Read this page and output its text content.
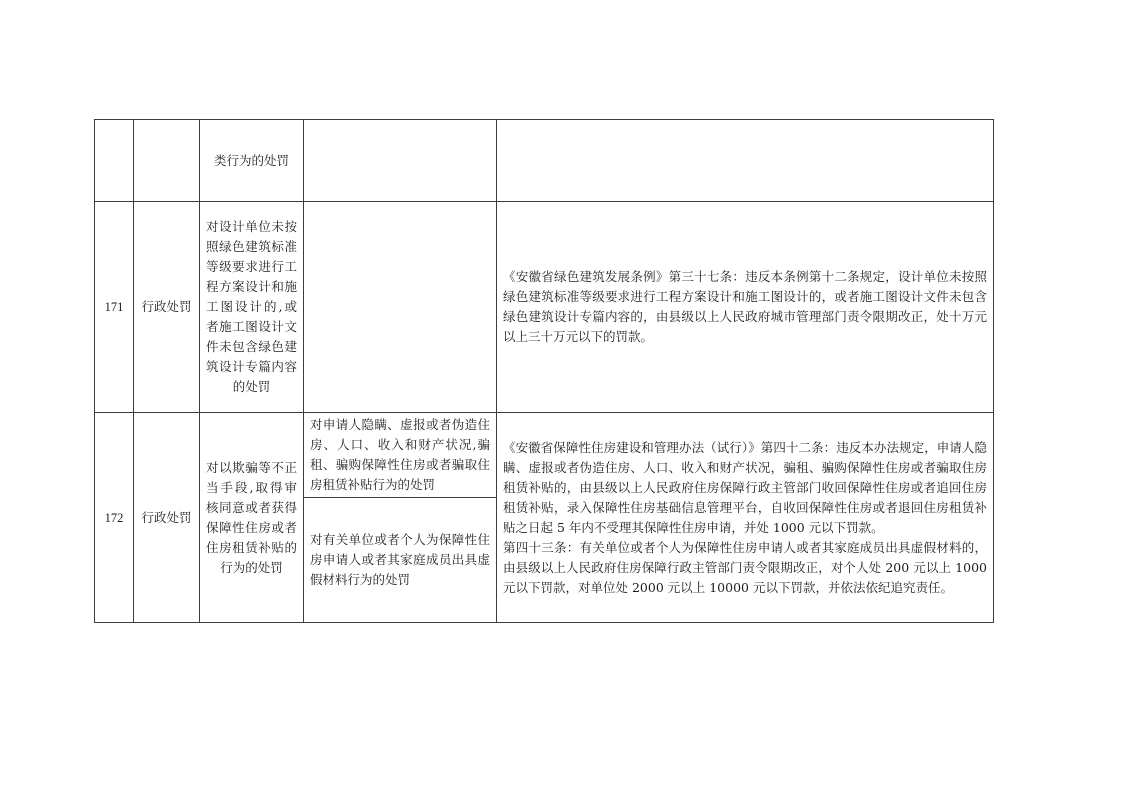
		类行为的处罚		
171	行政处罚	对设计单位未按照绿色建筑标准等级要求进行工程方案设计和施工图设计的,或者施工图设计文件未包含绿色建筑设计专篇内容的处罚		《安徽省绿色建筑发展条例》第三十七条：违反本条例第十二条规定，设计单位未按照绿色建筑标准等级要求进行工程方案设计和施工图设计的，或者施工图设计文件未包含绿色建筑设计专篇内容的，由县级以上人民政府城市管理部门责令限期改正，处十万元以上三十万元以下的罚款。

172	行政处罚	对以欺骗等不正当手段,取得审核同意或者获得保障性住房或者住房租赁补贴的行为的处罚	对申请人隐瞒、虚报或者伪造住房、人口、收入和财产状况,骗租、骗购保障性住房或者骗取住房租赁补贴行为的处罚	《安徽省保障性住房建设和管理办法（试行）》第四十二条：违反本办法规定，申请人隐瞒、虚报或者伪造住房、人口、收入和财产状况，骗租、骗购保障性住房或者骗取住房租赁补贴的，由县级以上人民政府住房保障行政主管部门收回保障性住房或者追回住房租赁补贴，录入保障性住房基础信息管理平台，自收回保障性住房或者退回住房租赁补贴之日起 5 年内不受理其保障性住房申请，并处 1000 元以下罚款。
第四十三条：有关单位或者个人为保障性住房申请人或者其家庭成员出具虚假材料的，由县级以上人民政府住房保障行政主管部门责令限期改正，对个人处 200 元以上 1000 元以下罚款，对单位处 2000 元以上 10000 元以下罚款，并依法依纪追究责任。

			对有关单位或者个人为保障性住房申请人或者其家庭成员出具虚假材料行为的处罚	
